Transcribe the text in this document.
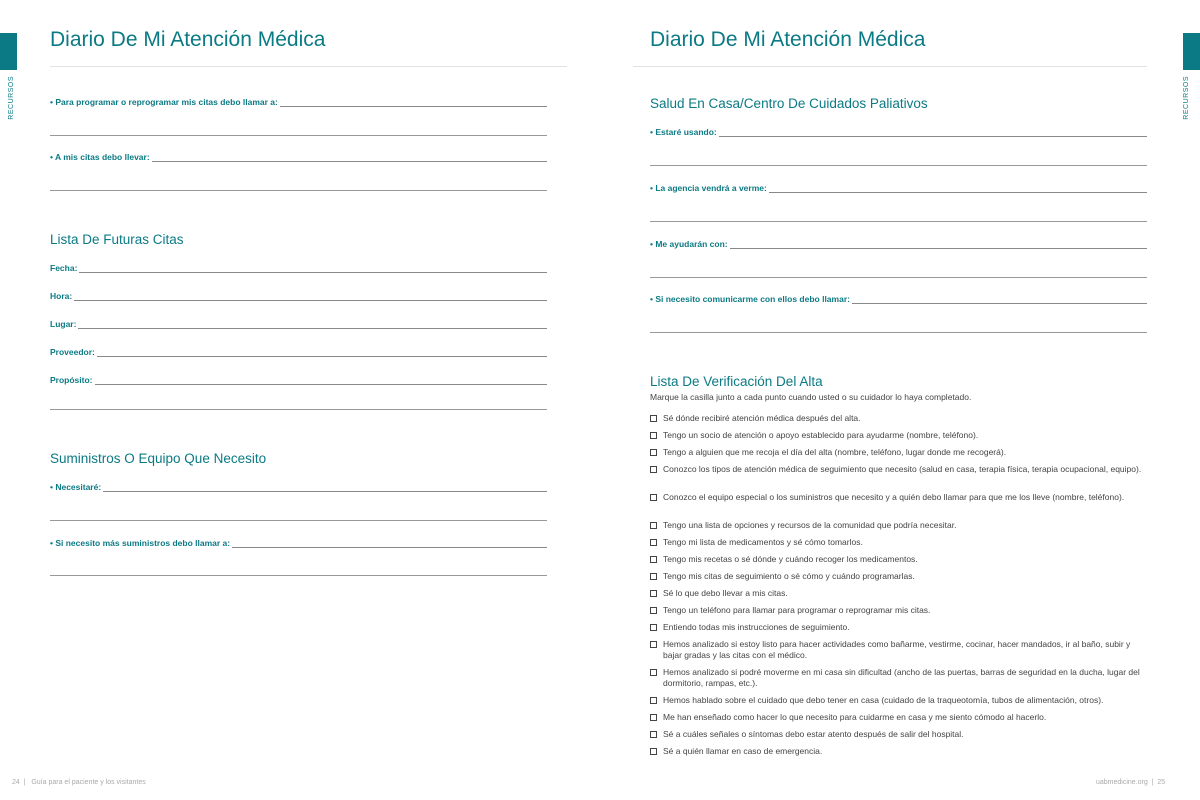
RECURSOS	RECURSOS
Diario De Mi Atención Médica
Lista De Futuras Citas
Suministros O Equipo Que Necesito
Diario De Mi Atención Médica
Salud En Casa/Centro De Cuidados Paliativos
Lista De Verificación Del Alta
Marque la casilla junto a cada punto cuando usted o su cuidador lo haya completado.
• Para programar o reprogramar mis citas debo llamar a:
• A mis citas debo llevar:
Fecha:
Hora:
Lugar:
Proveedor:
Propósito:
• Necesitaré:
• Si necesito más suministros debo llamar a:
• Estaré usando:
• La agencia vendrá a verme:
• Me ayudarán con:
• Si necesito comunicarme con ellos debo llamar:
Sé dónde recibiré atención médica después del alta.
Tengo un socio de atención o apoyo establecido para ayudarme (nombre, teléfono).
Tengo a alguien que me recoja el día del alta (nombre, teléfono, lugar donde me recogerá).
Conozco los tipos de atención médica de seguimiento que necesito (salud en casa, terapia física, terapia ocupacional, equipo).
Conozco el equipo especial o los suministros que necesito y a quién debo llamar para que me los lleve (nombre, teléfono).
Tengo una lista de opciones y recursos de la comunidad que podría necesitar.
Tengo mi lista de medicamentos y sé cómo tomarlos.
Tengo mis recetas o sé dónde y cuándo recoger los medicamentos.
Tengo mis citas de seguimiento o sé cómo y cuándo programarlas.
Sé lo que debo llevar a mis citas.
Tengo un teléfono para llamar para programar o reprogramar mis citas.
Entiendo todas mis instrucciones de seguimiento.
Hemos analizado si estoy listo para hacer actividades como bañarme, vestirme, cocinar, hacer mandados, ir al baño, subir y bajar gradas y las citas con el médico.
Hemos analizado si podré moverme en mi casa sin dificultad (ancho de las puertas, barras de seguridad en la ducha, lugar del dormitorio, rampas, etc.).
Hemos hablado sobre el cuidado que debo tener en casa (cuidado de la traqueotomía, tubos de alimentación, otros).
Me han enseñado como hacer lo que necesito para cuidarme en casa y me siento cómodo al hacerlo.
Sé a cuáles señales o síntomas debo estar atento después de salir del hospital.
Sé a quién llamar en caso de emergencia.
24  |   Guía para el paciente y los visitantes	uabmedicine.org  |  25
